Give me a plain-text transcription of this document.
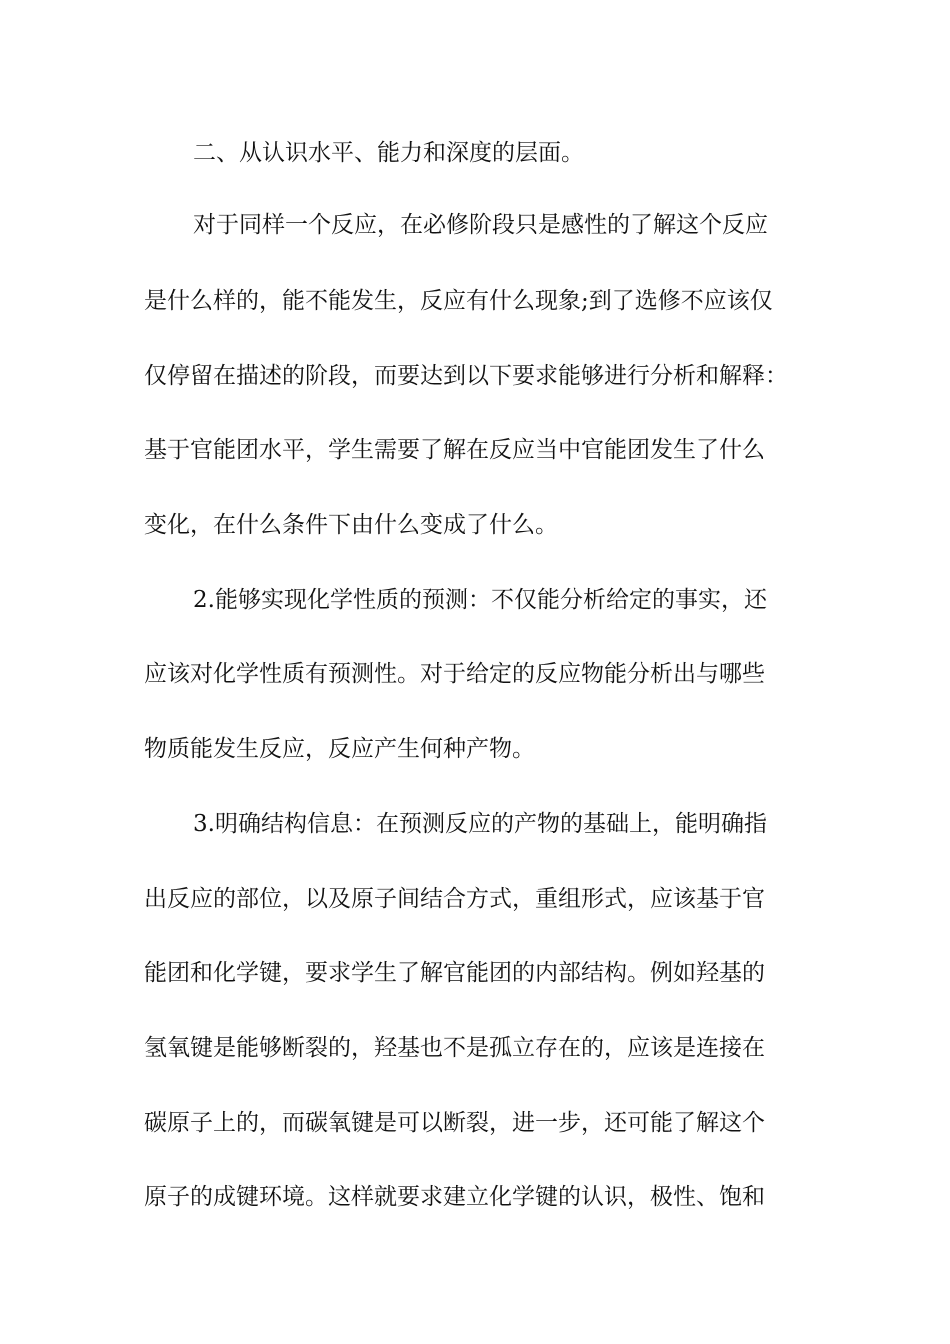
二、从认识水平、能力和深度的层面。
对于同样一个反应，在必修阶段只是感性的了解这个反应
是什么样的，能不能发生，反应有什么现象;到了选修不应该仅
仅停留在描述的阶段，而要达到以下要求能够进行分析和解释：
基于官能团水平，学生需要了解在反应当中官能团发生了什么
变化，在什么条件下由什么变成了什么。
2.能够实现化学性质的预测：不仅能分析给定的事实，还
应该对化学性质有预测性。对于给定的反应物能分析出与哪些
物质能发生反应，反应产生何种产物。
3.明确结构信息：在预测反应的产物的基础上，能明确指
出反应的部位，以及原子间结合方式，重组形式，应该基于官
能团和化学键，要求学生了解官能团的内部结构。例如羟基的
氢氧键是能够断裂的，羟基也不是孤立存在的，应该是连接在
碳原子上的，而碳氧键是可以断裂，进一步，还可能了解这个
原子的成键环境。这样就要求建立化学键的认识，极性、饱和
